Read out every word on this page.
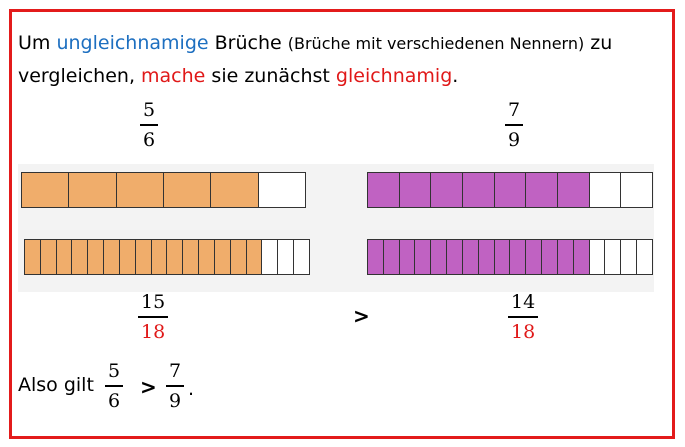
Um ungleichnamige Brüche (Brüche mit verschiedenen Nennern) zu
vergleichen, mache sie zunächst gleichnamig.
5
6
7
9
15
18
>
14
18
Also gilt
5
6
>
7
9
.
